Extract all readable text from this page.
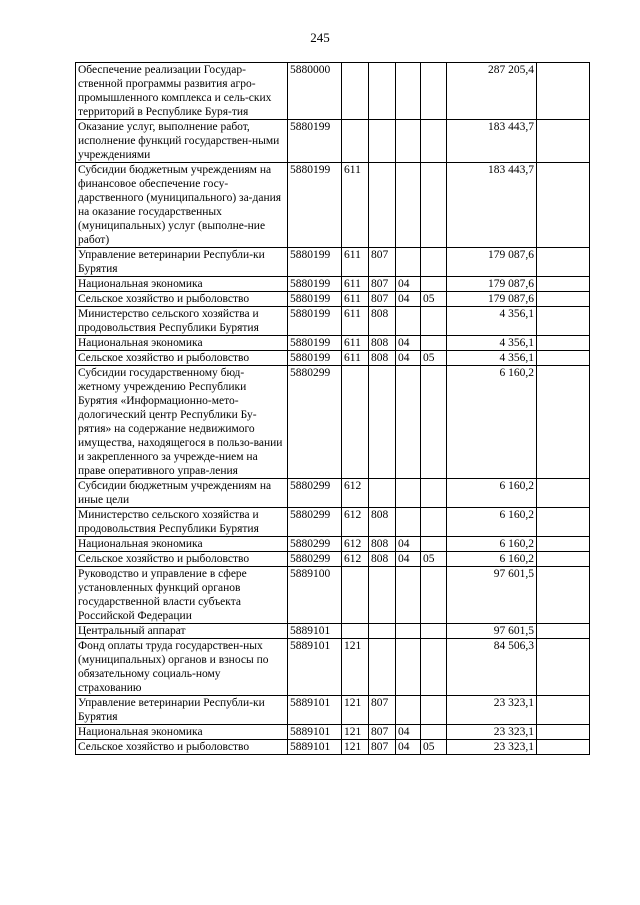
245
Обеспечение реализации Государ-ственной программы развития агро-промышленного комплекса и сель-ских территорий в Республике Буря-тия	5880000					287 205,4	
Оказание услуг, выполнение работ, исполнение функций государствен-ными учреждениями	5880199					183 443,7	
Субсидии бюджетным учреждениям на финансовое обеспечение госу-дарственного (муниципального) за-дания на оказание государственных (муниципальных) услуг (выполне-ние работ)	5880199	611				183 443,7	
Управление ветеринарии Республи-ки Бурятия	5880199	611	807			179 087,6	
Национальная экономика	5880199	611	807	04		179 087,6	
Сельское хозяйство и рыболовство	5880199	611	807	04	05	179 087,6	
Министерство сельского хозяйства и продовольствия Республики Бурятия	5880199	611	808			4 356,1	
Национальная экономика	5880199	611	808	04		4 356,1	
Сельское хозяйство и рыболовство	5880199	611	808	04	05	4 356,1	
Субсидии государственному бюд-жетному учреждению Республики Бурятия «Информационно-мето-дологический центр Республики Бу-рятия» на содержание недвижимого имущества, находящегося в пользо-вании и закрепленного за учрежде-нием на праве оперативного управ-ления	5880299					6 160,2	
Субсидии бюджетным учреждениям на иные цели	5880299	612				6 160,2	
Министерство сельского хозяйства и продовольствия Республики Бурятия	5880299	612	808			6 160,2	
Национальная экономика	5880299	612	808	04		6 160,2	
Сельское хозяйство и рыболовство	5880299	612	808	04	05	6 160,2	
Руководство и управление в сфере установленных функций органов государственной власти субъекта Российской Федерации	5889100					97 601,5	
Центральный аппарат	5889101					97 601,5	
Фонд оплаты труда государствен-ных (муниципальных) органов и взносы по обязательному социаль-ному страхованию	5889101	121				84 506,3	
Управление ветеринарии Республи-ки Бурятия	5889101	121	807			23 323,1	
Национальная экономика	5889101	121	807	04		23 323,1	
Сельское хозяйство и рыболовство	5889101	121	807	04	05	23 323,1	
